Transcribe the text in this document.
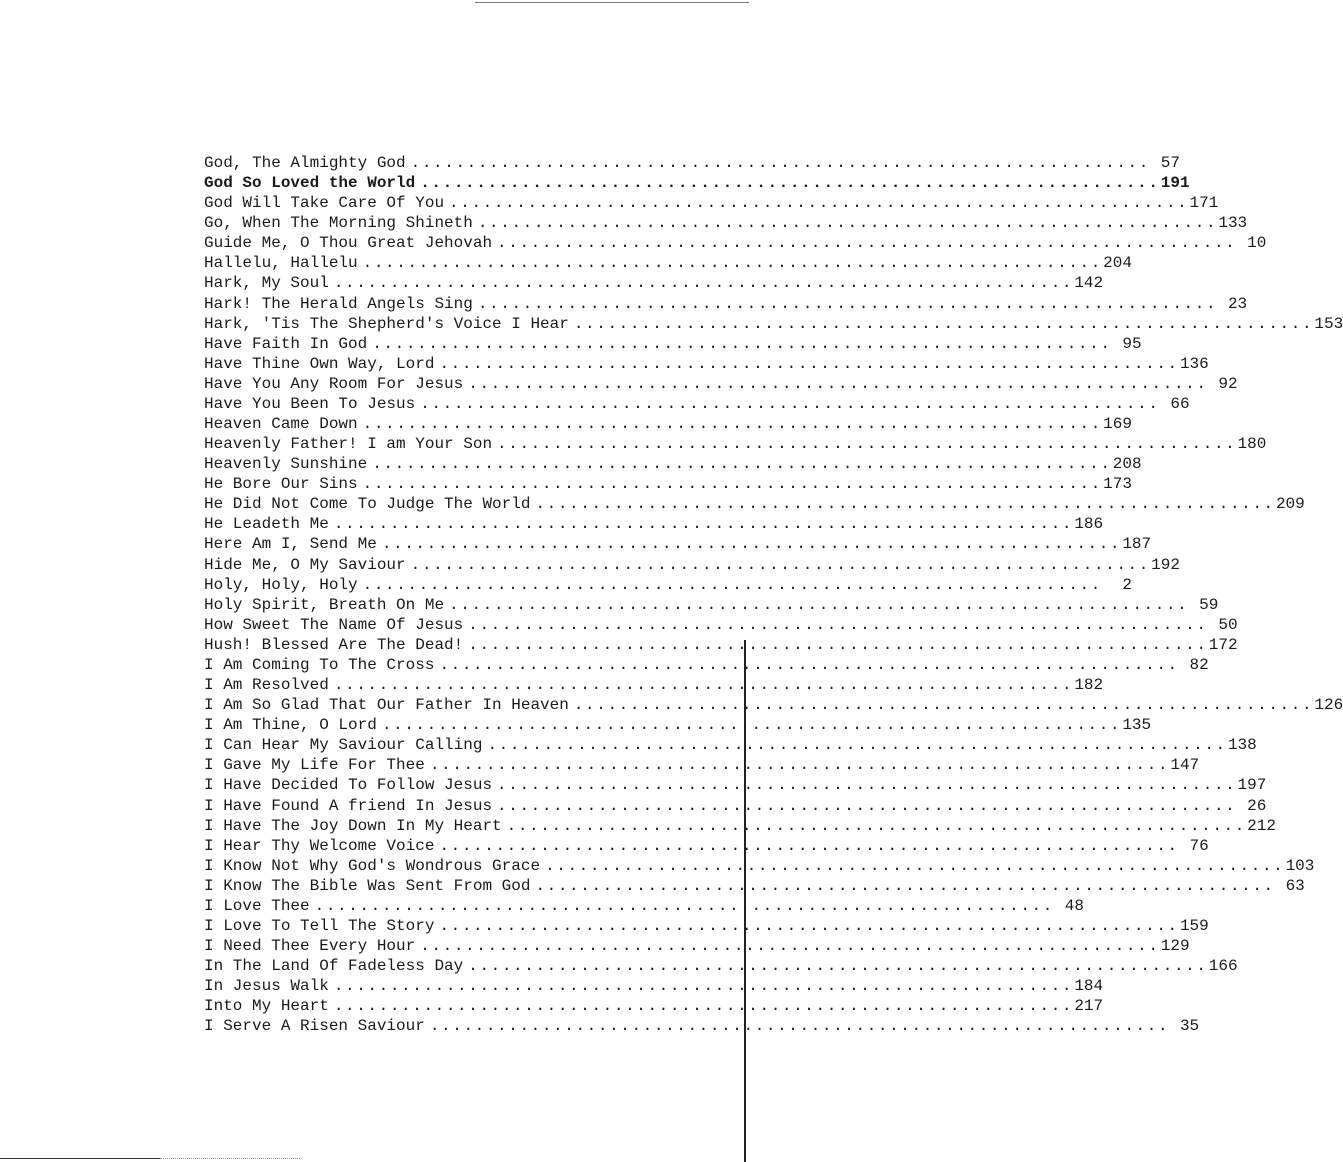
God, The Almighty God .................................................................. 57
God So Loved the World .................................................................. 191
God Will Take Care Of You .................................................................. 171
Go, When The Morning Shineth .................................................................. 133
Guide Me, O Thou Great Jehovah .................................................................. 10
Hallelu, Hallelu .................................................................. 204
Hark, My Soul .................................................................. 142
Hark! The Herald Angels Sing .................................................................. 23
Hark, 'Tis The Shepherd's Voice I Hear .................................................................. 153
Have Faith In God .................................................................. 95
Have Thine Own Way, Lord .................................................................. 136
Have You Any Room For Jesus .................................................................. 92
Have You Been To Jesus .................................................................. 66
Heaven Came Down .................................................................. 169
Heavenly Father! I am Your Son .................................................................. 180
Heavenly Sunshine .................................................................. 208
He Bore Our Sins .................................................................. 173
He Did Not Come To Judge The World .................................................................. 209
He Leadeth Me .................................................................. 186
Here Am I, Send Me .................................................................. 187
Hide Me, O My Saviour .................................................................. 192
Holy, Holy, Holy ..................................................................	2
Holy Spirit, Breath On Me .................................................................. 59
How Sweet The Name Of Jesus .................................................................. 50
Hush! Blessed Are The Dead! .................................................................. 172
I Am Coming To The Cross .................................................................. 82
I Am Resolved .................................................................. 182
I Am So Glad That Our Father In Heaven .................................................................. 126
I Am Thine, O Lord .................................................................. 135
I Can Hear My Saviour Calling .................................................................. 138
I Gave My Life For Thee .................................................................. 147
I Have Decided To Follow Jesus .................................................................. 197
I Have Found A friend In Jesus .................................................................. 26
I Have The Joy Down In My Heart .................................................................. 212
I Hear Thy Welcome Voice .................................................................. 76
I Know Not Why God's Wondrous Grace .................................................................. 103
I Know The Bible Was Sent From God .................................................................. 63
I Love Thee .................................................................. 48
I Love To Tell The Story .................................................................. 159
I Need Thee Every Hour .................................................................. 129
In The Land Of Fadeless Day .................................................................. 166
In Jesus Walk .................................................................. 184
Into My Heart .................................................................. 217
I Serve A Risen Saviour .................................................................. 35
